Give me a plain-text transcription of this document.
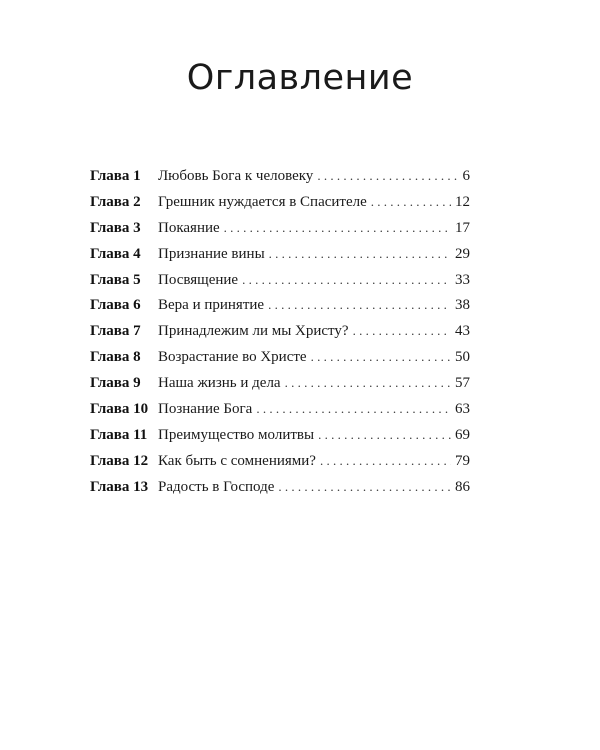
Оглавление
Глава 1	Любовь Бога к человеку . . .	6
Глава 2	Грешник нуждается в Спасителе . . .	12
Глава 3	Покаяние . . .	17
Глава 4	Признание вины . . .	29
Глава 5	Посвящение . . .	33
Глава 6	Вера и принятие . . .	38
Глава 7	Принадлежим ли мы Христу? . . .	43
Глава 8	Возрастание во Христе . . .	50
Глава 9	Наша жизнь и дела . . .	57
Глава 10 Познание Бога . . .	63
Глава 11 Преимущество молитвы . . .	69
Глава 12 Как быть с сомнениями? . . .	79
Глава 13 Радость в Господе . . .	86
